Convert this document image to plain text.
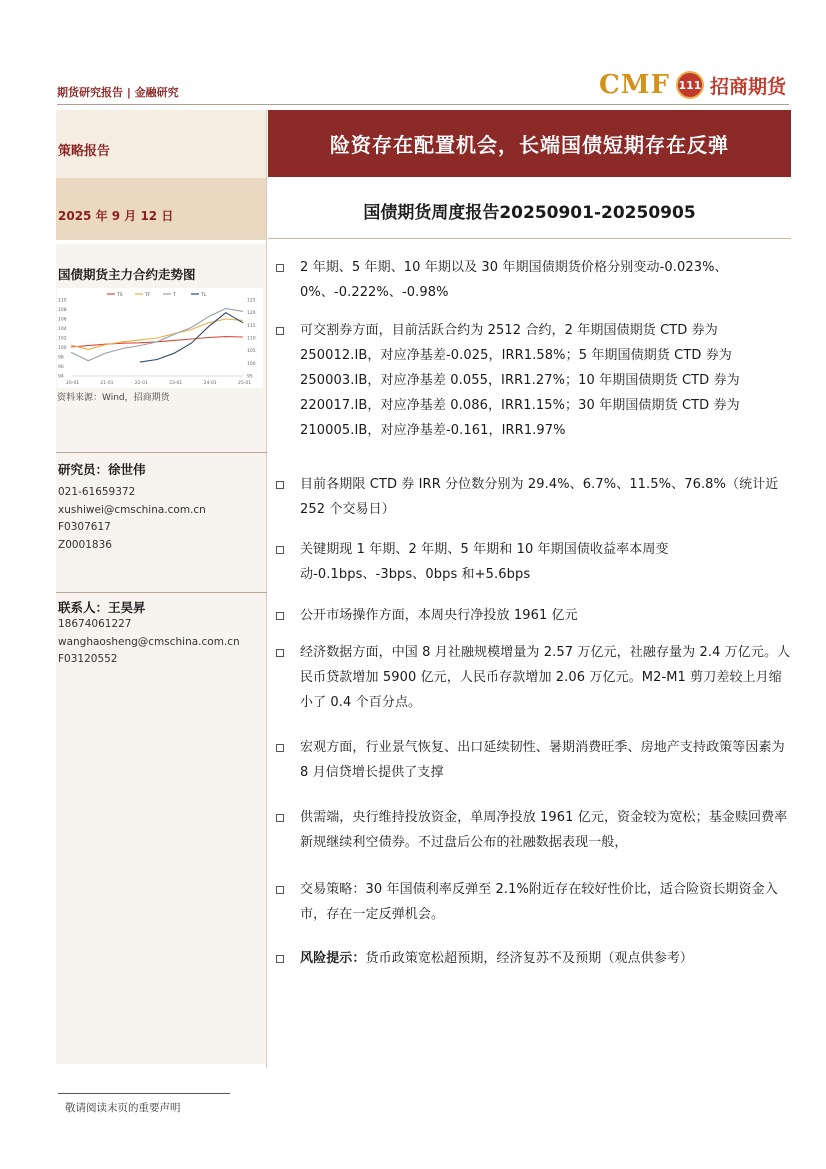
期货研究报告 | 金融研究	CMF 111 招商期货
策略报告
2025 年 9 月 12 日
险资存在配置机会，长端国债短期存在反弹
国债期货周度报告20250901-20250905
国债期货主力合约走势图
TS	TF	T	TL
110
108
106
104
102
100
98
96
94
125
120
115
110
105
100
95
20-01	21-01	22-01	23-01	24-01	25-01
资料来源：Wind，招商期货
研究员：徐世伟
021-61659372
xushiwei@cmschina.com.cn
F0307617
Z0001836
联系人：王昊昇
18674061227
wanghaosheng@cmschina.com.cn
F03120552
2 年期、5 年期、10 年期以及 30 年期国债期货价格分别变动-0.023%、0%、-0.222%、-0.98%
可交割券方面，目前活跃合约为 2512 合约，2 年期国债期货 CTD 券为 250012.IB，对应净基差-0.025，IRR1.58%；5 年期国债期货 CTD 券为 250003.IB，对应净基差 0.055，IRR1.27%；10 年期国债期货 CTD 券为 220017.IB，对应净基差 0.086，IRR1.15%；30 年期国债期货 CTD 券为 210005.IB，对应净基差-0.161，IRR1.97%
目前各期限 CTD 券 IRR 分位数分别为 29.4%、6.7%、11.5%、76.8%（统计近 252 个交易日）
关键期现 1 年期、2 年期、5 年期和 10 年期国债收益率本周变动-0.1bps、-3bps、0bps 和+5.6bps
公开市场操作方面，本周央行净投放 1961 亿元
经济数据方面，中国 8 月社融规模增量为 2.57 万亿元，社融存量为 2.4 万亿元。人民币贷款增加 5900 亿元，人民币存款增加 2.06 万亿元。M2-M1 剪刀差较上月缩小了 0.4 个百分点。
宏观方面，行业景气恢复、出口延续韧性、暑期消费旺季、房地产支持政策等因素为 8 月信贷增长提供了支撑
供需端，央行维持投放资金，单周净投放 1961 亿元，资金较为宽松；基金赎回费率新规继续利空债券。不过盘后公布的社融数据表现一般，
交易策略：30 年国债利率反弹至 2.1%附近存在较好性价比，适合险资长期资金入市，存在一定反弹机会。
风险提示：货币政策宽松超预期，经济复苏不及预期（观点供参考）
敬请阅读末页的重要声明
